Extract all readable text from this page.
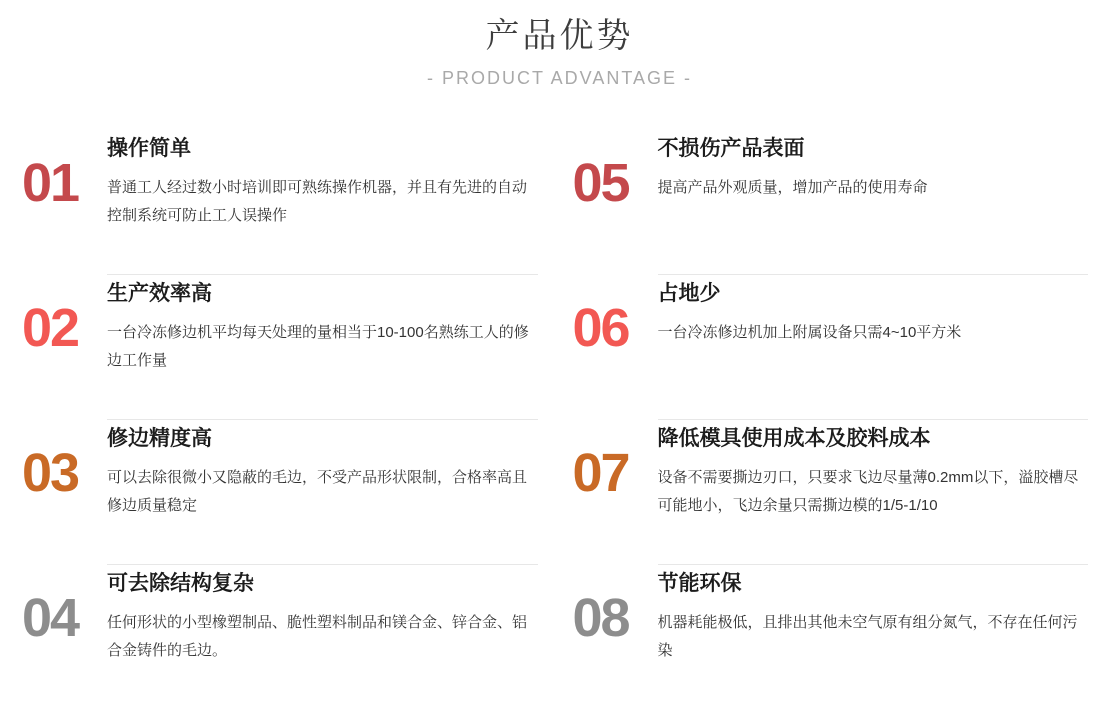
产品优势
- PRODUCT ADVANTAGE -
01
操作简单

普通工人经过数小时培训即可熟练操作机器，并且有先进的自动控制系统可防止工人误操作

02
生产效率高

一台冷冻修边机平均每天处理的量相当于10-100名熟练工人的修边工作量

03
修边精度高

可以去除很微小又隐蔽的毛边，不受产品形状限制，合格率高且修边质量稳定

04
可去除结构复杂

任何形状的小型橡塑制品、脆性塑料制品和镁合金、锌合金、铝合金铸件的毛边。

05
不损伤产品表面

提高产品外观质量，增加产品的使用寿命

06
占地少

一台冷冻修边机加上附属设备只需4~10平方米

07
降低模具使用成本及胶料成本

设备不需要撕边刃口，只要求飞边尽量薄0.2mm以下，溢胶槽尽可能地小，飞边余量只需撕边模的1/5-1/10

08
节能环保

机器耗能极低，且排出其他未空气原有组分氮气，不存在任何污染
